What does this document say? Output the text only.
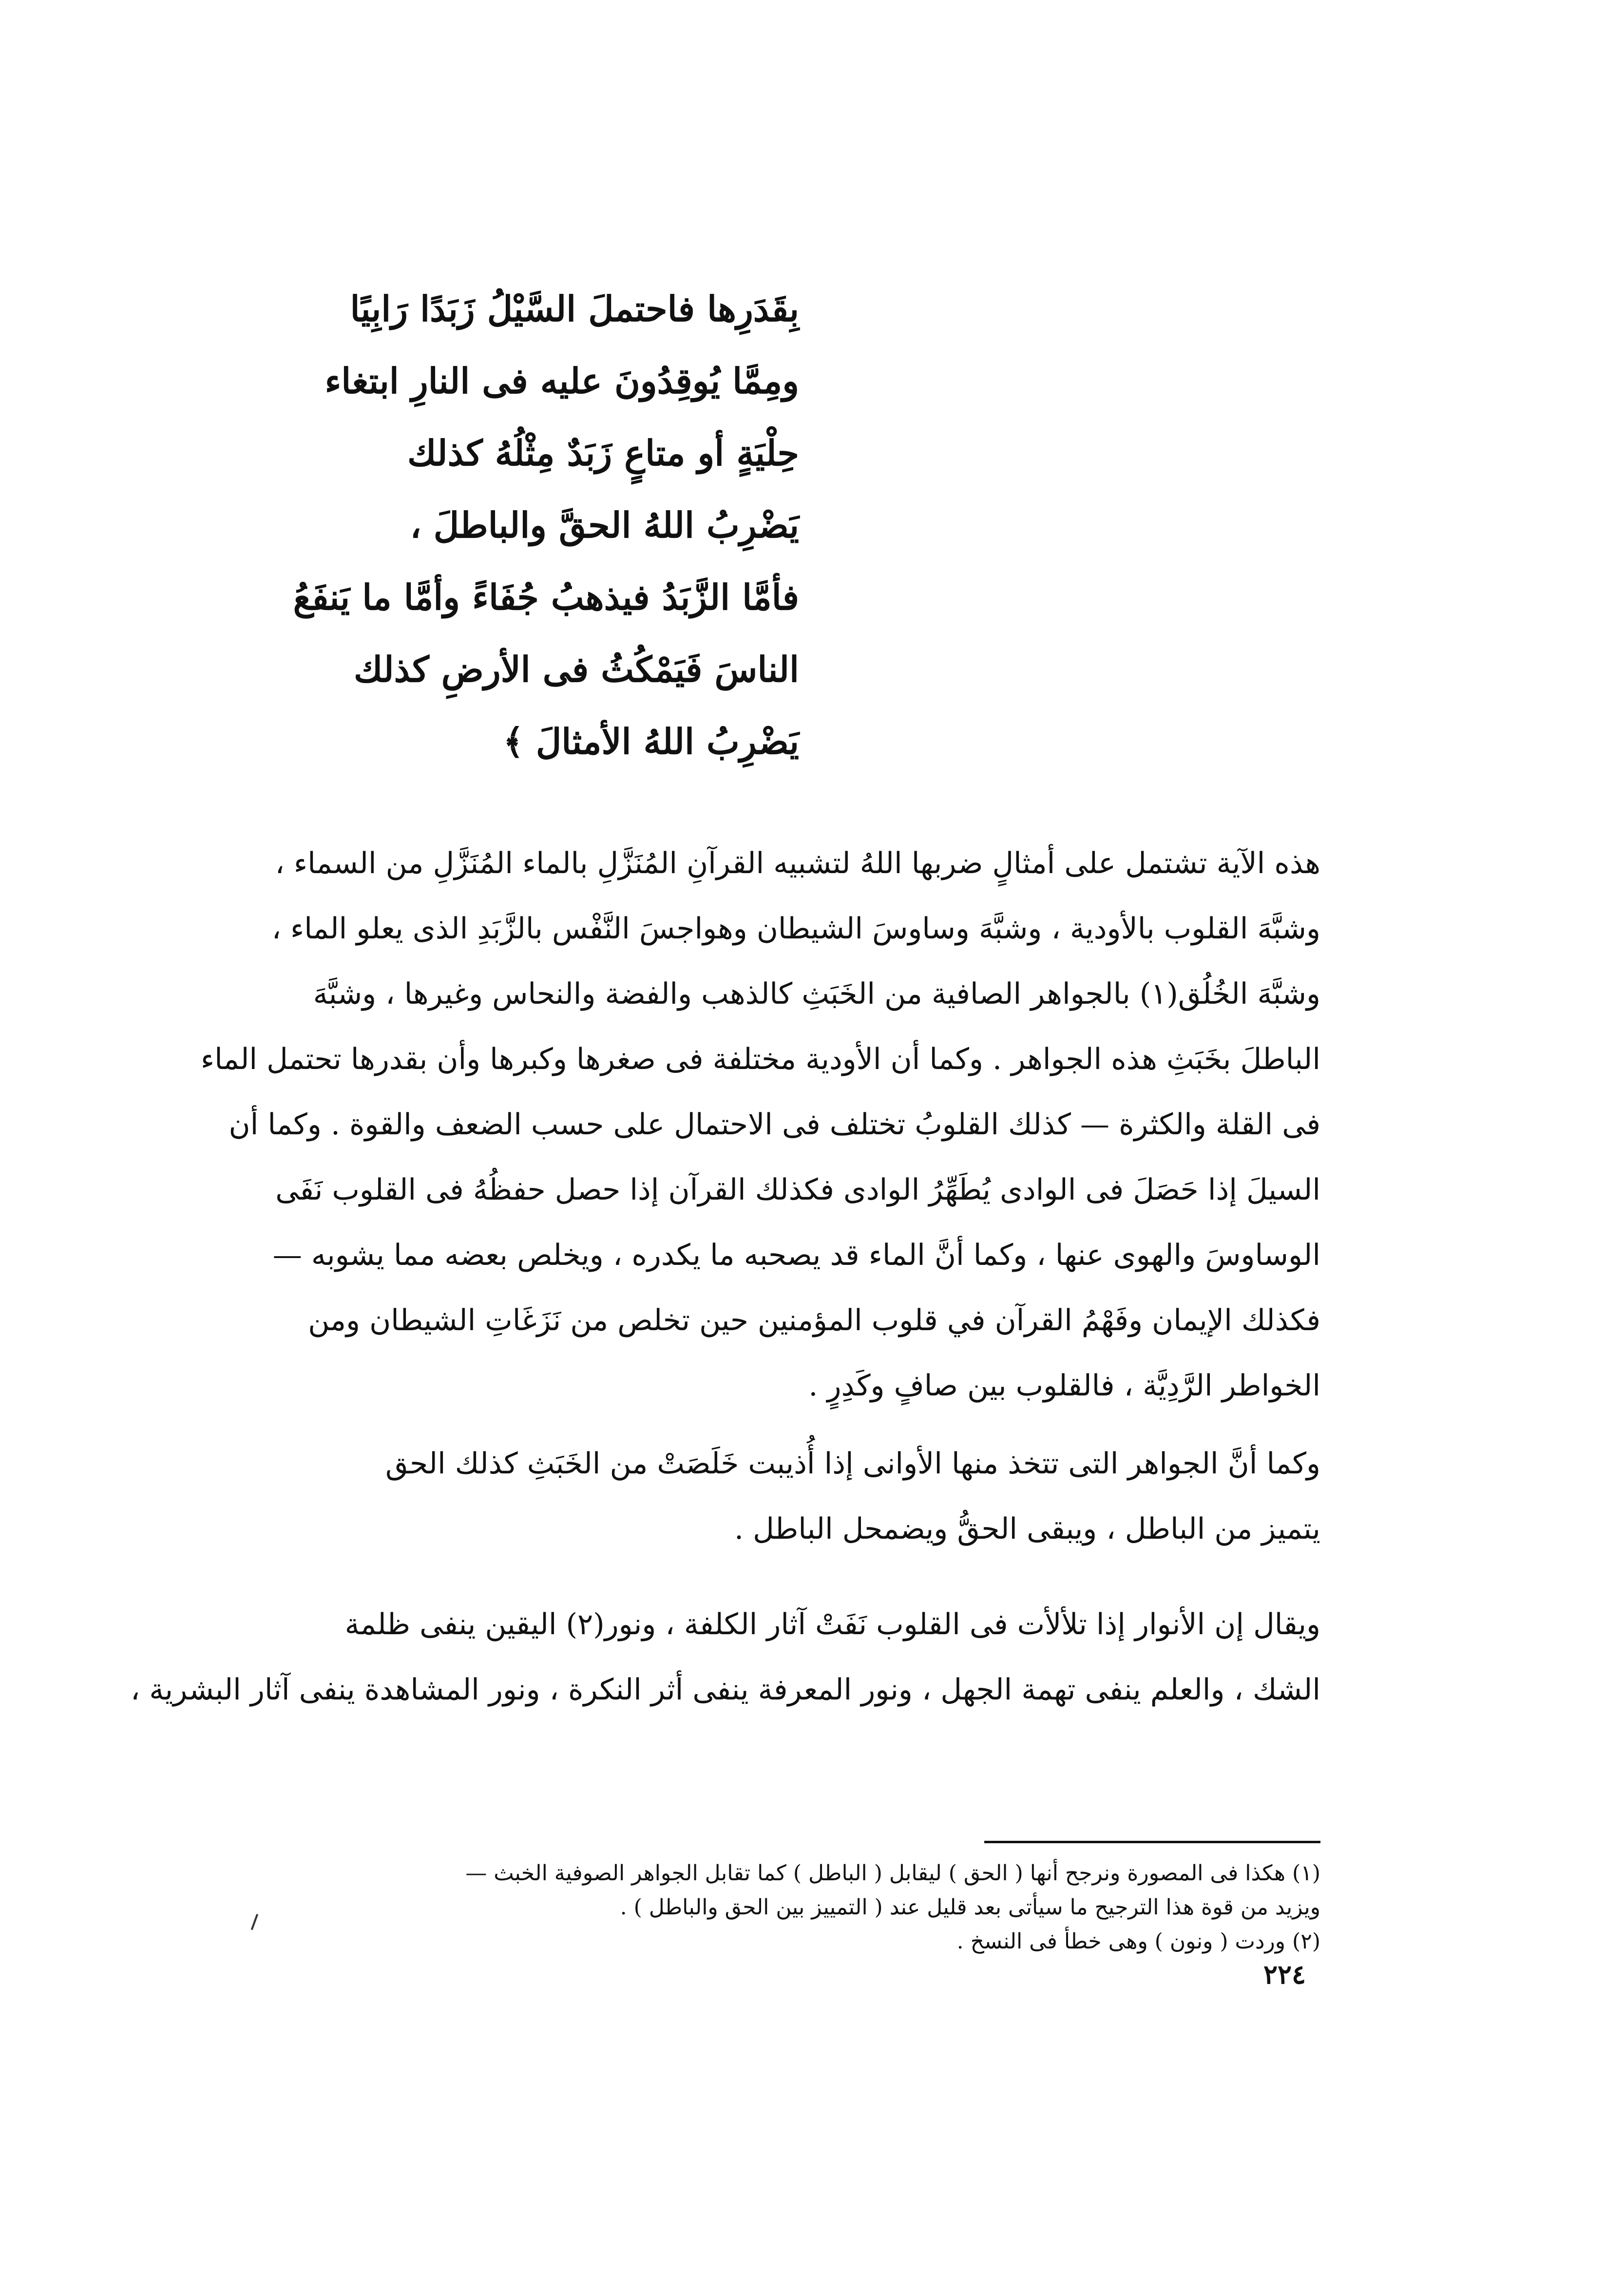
بِقَدَرِها فاحتملَ السَّيْلُ زَبَدًا رَابِيًا
ومِمَّا يُوقِدُونَ عليه فى النارِ ابتغاء
حِلْيَةٍ أو متاعٍ زَبَدٌ مِثْلُهُ كذلك
يَضْرِبُ اللهُ الحقَّ والباطلَ ،
فأمَّا الزَّبَدُ فيذهبُ جُفَاءً وأمَّا ما يَنفَعُ
الناسَ فَيَمْكُثُ فى الأرضِ كذلك
يَضْرِبُ اللهُ الأمثالَ ﴾
هذه الآية تشتمل على أمثالٍ ضربها اللهُ لتشبيه القرآنِ المُنَزَّلِ بالماء المُنَزَّلِ من السماء ،
وشبَّهَ القلوب بالأودية ، وشبَّهَ وساوسَ الشيطان وهواجسَ النَّفْس بالزَّبَدِ الذى يعلو الماء ،
وشبَّهَ الخُلُق(١) بالجواهر الصافية من الخَبَثِ كالذهب والفضة والنحاس وغيرها ، وشبَّهَ
الباطلَ بخَبَثِ هذه الجواهر . وكما أن الأودية مختلفة فى صغرها وكبرها وأن بقدرها تحتمل الماء
فى القلة والكثرة — كذلك القلوبُ تختلف فى الاحتمال على حسب الضعف والقوة . وكما أن
السيلَ إذا حَصَلَ فى الوادى يُطَهِّرُ الوادى فكذلك القرآن إذا حصل حفظُهُ فى القلوب نَفَى
الوساوسَ والهوى عنها ، وكما أنَّ الماء قد يصحبه ما يكدره ، ويخلص بعضه مما يشوبه —
فكذلك الإيمان وفَهْمُ القرآن في قلوب المؤمنين حين تخلص من نَزَغَاتِ الشيطان ومن
الخواطر الرَّدِيَّة ، فالقلوب بين صافٍ وكَدِرٍ .
وكما أنَّ الجواهر التى تتخذ منها الأوانى إذا أُذيبت خَلَصَتْ من الخَبَثِ كذلك الحق
يتميز من الباطل ، ويبقى الحقُّ ويضمحل الباطل .
ويقال إن الأنوار إذا تلألأت فى القلوب نَفَتْ آثار الكلفة ، ونور(٢) اليقين ينفى ظلمة
الشك ، والعلم ينفى تهمة الجهل ، ونور المعرفة ينفى أثر النكرة ، ونور المشاهدة ينفى آثار البشرية ،
(١) هكذا فى المصورة ونرجح أنها ( الحق ) ليقابل ( الباطل ) كما تقابل الجواهر الصوفية الخبث —
ويزيد من قوة هذا الترجيح ما سيأتى بعد قليل عند ( التمييز بين الحق والباطل ) .
(٢) وردت ( ونون ) وهى خطأ فى النسخ .
٢٢٤
